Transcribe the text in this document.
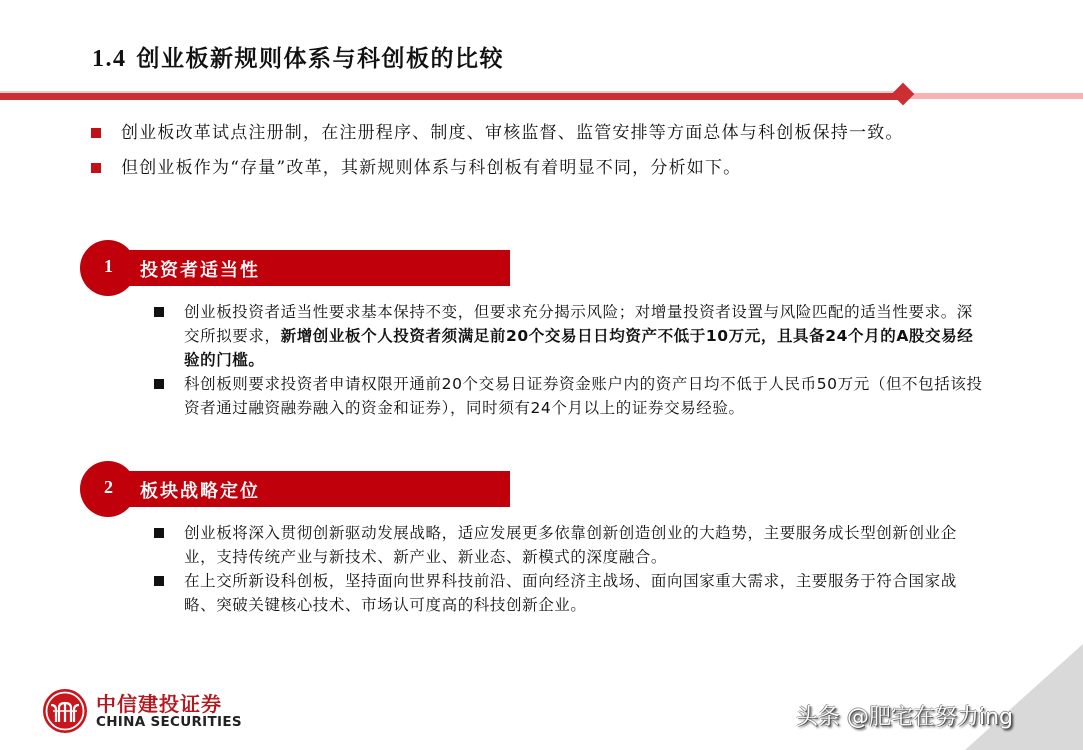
1.4 创业板新规则体系与科创板的比较
创业板改革试点注册制，在注册程序、制度、审核监督、监管安排等方面总体与科创板保持一致。
但创业板作为“存量”改革，其新规则体系与科创板有着明显不同，分析如下。
1 投资者适当性
创业板投资者适当性要求基本保持不变，但要求充分揭示风险；对增量投资者设置与风险匹配的适当性要求。深交所拟要求，新增创业板个人投资者须满足前20个交易日日均资产不低于10万元，且具备24个月的A股交易经验的门槛。
科创板则要求投资者申请权限开通前20个交易日证券资金账户内的资产日均不低于人民币50万元（但不包括该投资者通过融资融券融入的资金和证券），同时须有24个月以上的证券交易经验。
2 板块战略定位
创业板将深入贯彻创新驱动发展战略，适应发展更多依靠创新创造创业的大趋势，主要服务成长型创新创业企业，支持传统产业与新技术、新产业、新业态、新模式的深度融合。
在上交所新设科创板，坚持面向世界科技前沿、面向经济主战场、面向国家重大需求，主要服务于符合国家战略、突破关键核心技术、市场认可度高的科技创新企业。
中信建投证券
CHINA SECURITIES	头条 @肥宅在努力ing
